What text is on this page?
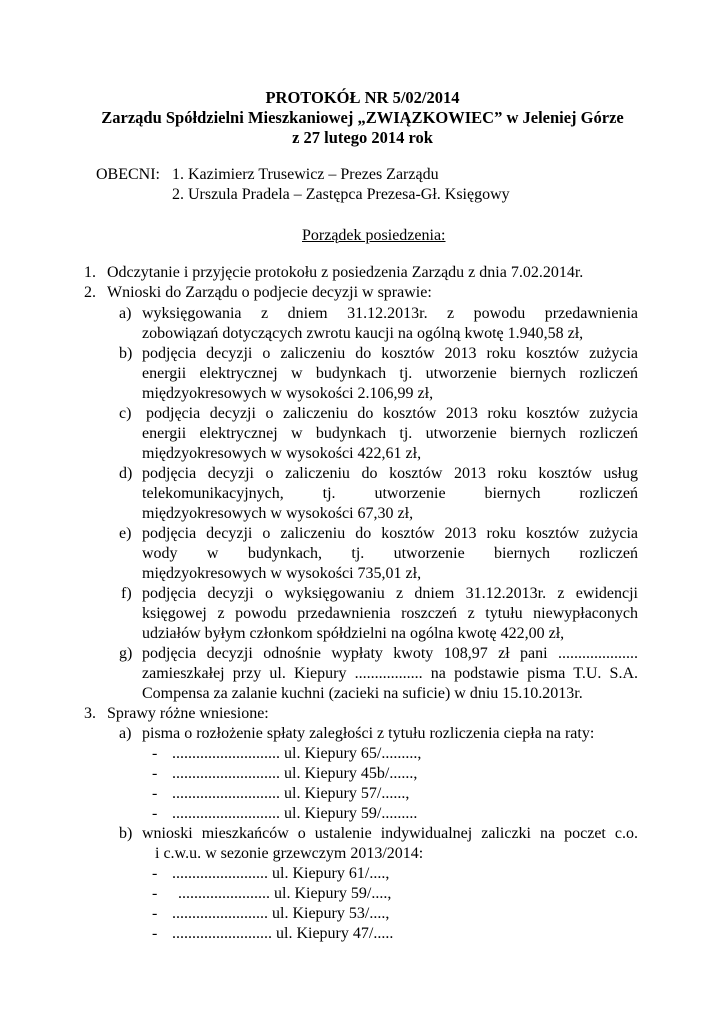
PROTOKÓŁ NR 5/02/2014
Zarządu Spółdzielni Mieszkaniowej „ZWIĄZKOWIEC” w Jeleniej Górze
z 27 lutego 2014 rok
OBECNI: 1. Kazimierz Trusewicz – Prezes Zarządu
2. Urszula Pradela – Zastępca Prezesa-Gł. Księgowy
Porządek posiedzenia:
1. Odczytanie i przyjęcie protokołu z posiedzenia Zarządu z dnia 7.02.2014r.
2. Wnioski do Zarządu o podjecie decyzji w sprawie:
a) wyksięgowania z dniem 31.12.2013r. z powodu przedawnienia
zobowiązań dotyczących zwrotu kaucji na ogólną kwotę 1.940,58 zł,
b) podjęcia decyzji o zaliczeniu do kosztów 2013 roku kosztów zużycia
energii elektrycznej w budynkach tj. utworzenie biernych rozliczeń
międzyokresowych w wysokości 2.106,99 zł,
c) podjęcia decyzji o zaliczeniu do kosztów 2013 roku kosztów zużycia
energii elektrycznej w budynkach tj. utworzenie biernych rozliczeń
międzyokresowych w wysokości 422,61 zł,
d) podjęcia decyzji o zaliczeniu do kosztów 2013 roku kosztów usług
telekomunikacyjnych, tj. utworzenie biernych rozliczeń
międzyokresowych w wysokości 67,30 zł,
e) podjęcia decyzji o zaliczeniu do kosztów 2013 roku kosztów zużycia
wody w budynkach, tj. utworzenie biernych rozliczeń
międzyokresowych w wysokości 735,01 zł,
f) podjęcia decyzji o wyksięgowaniu z dniem 31.12.2013r. z ewidencji
księgowej z powodu przedawnienia roszczeń z tytułu niewypłaconych
udziałów byłym członkom spółdzielni na ogólna kwotę 422,00 zł,
g) podjęcia decyzji odnośnie wypłaty kwoty 108,97 zł pani ....................
zamieszkałej przy ul. Kiepury ................. na podstawie pisma T.U. S.A.
Compensa za zalanie kuchni (zacieki na suficie) w dniu 15.10.2013r.
3. Sprawy różne wniesione:
a) pisma o rozłożenie spłaty zaległości z tytułu rozliczenia ciepła na raty:
- ........................... ul. Kiepury 65/.........,
- ........................... ul. Kiepury 45b/......,
- ........................... ul. Kiepury 57/......,
- ........................... ul. Kiepury 59/.........
b) wnioski mieszkańców o ustalenie indywidualnej zaliczki na poczet c.o.
i c.w.u. w sezonie grzewczym 2013/2014:
- ........................ ul. Kiepury 61/....,
- ....................... ul. Kiepury 59/....,
- ........................ ul. Kiepury 53/....,
- ......................... ul. Kiepury 47/.....
